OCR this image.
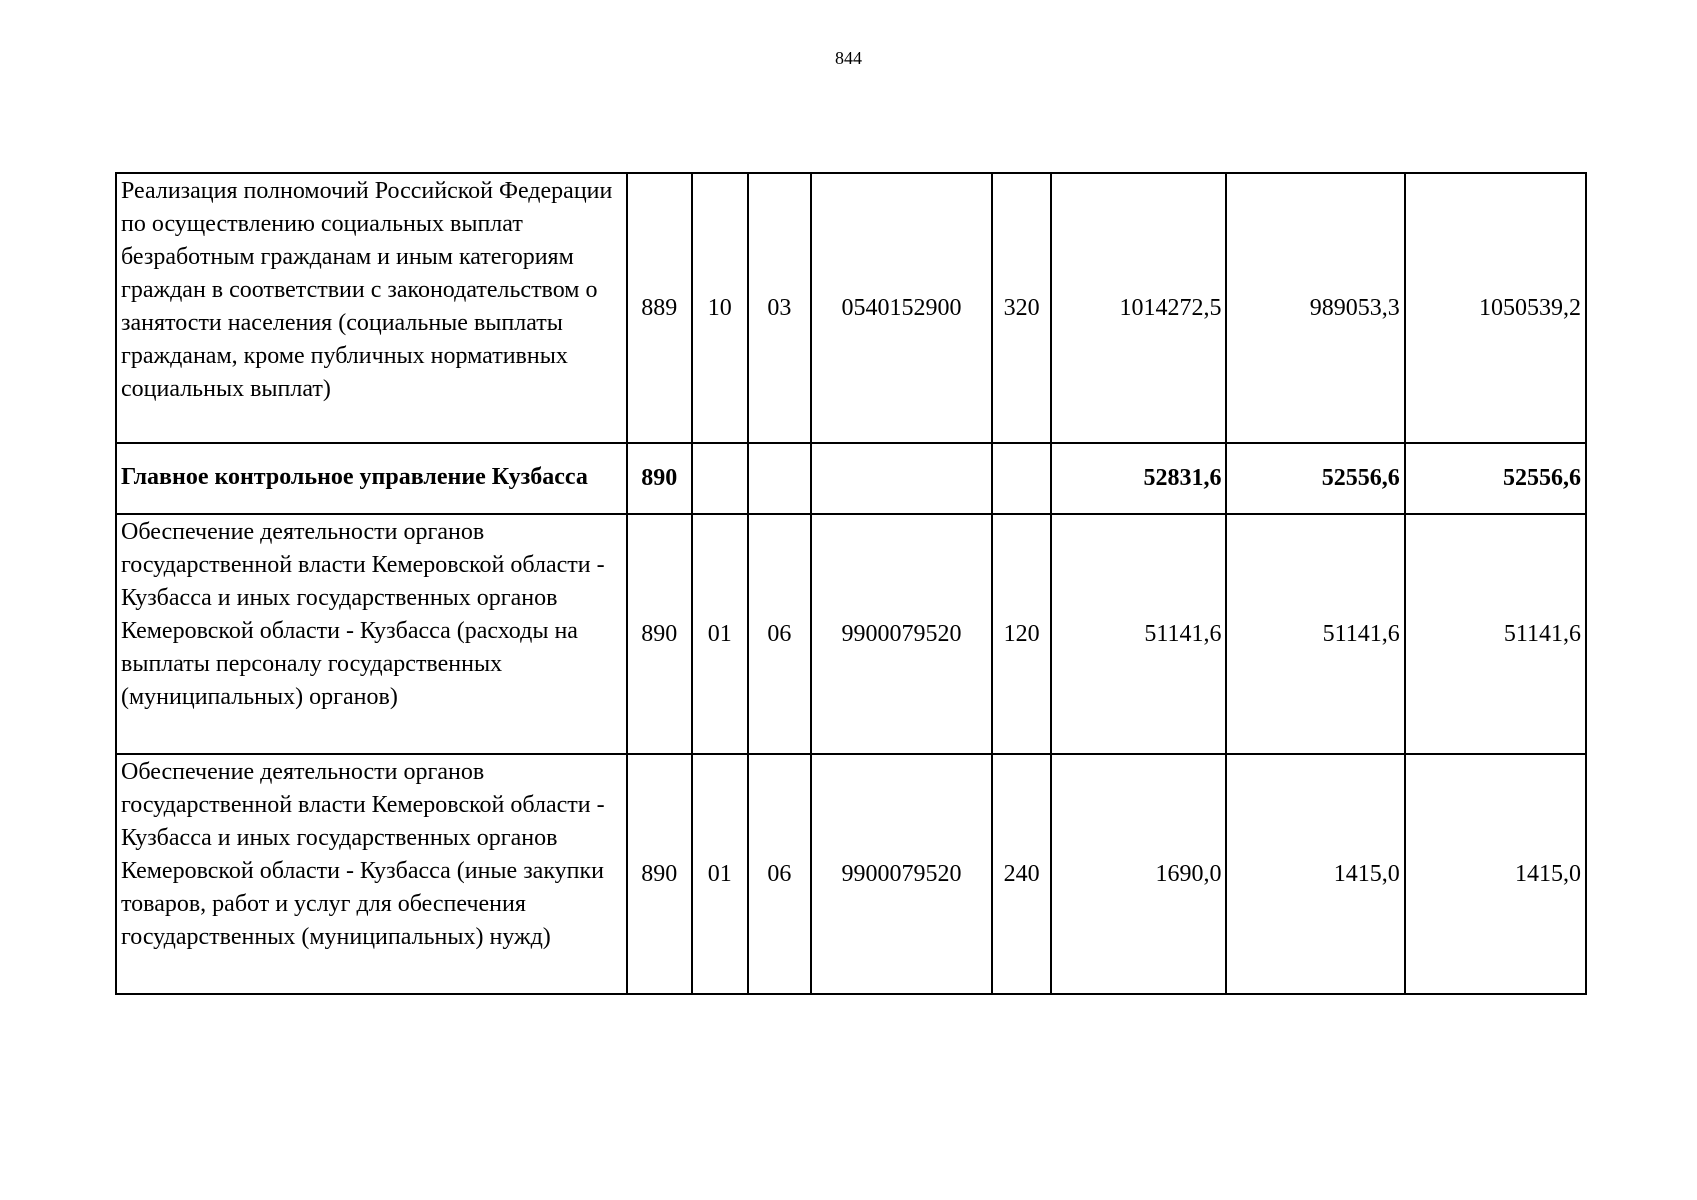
844
Реализация полномочий Российской Федерации по осуществлению социальных выплат безработным гражданам и иным категориям граждан в соответствии с законодательством о занятости населения (социальные выплаты гражданам, кроме публичных нормативных социальных выплат)	889	10	03	0540152900	320	1014272,5	989053,3	1050539,2
Главное контрольное управление Кузбасса	890					52831,6	52556,6	52556,6
Обеспечение деятельности органов государственной власти Кемеровской области - Кузбасса и иных государственных органов Кемеровской области - Кузбасса (расходы на выплаты персоналу государственных (муниципальных) органов)	890	01	06	9900079520	120	51141,6	51141,6	51141,6
Обеспечение деятельности органов государственной власти Кемеровской области - Кузбасса и иных государственных органов Кемеровской области - Кузбасса (иные закупки товаров, работ и услуг для обеспечения государственных (муниципальных) нужд)	890	01	06	9900079520	240	1690,0	1415,0	1415,0
